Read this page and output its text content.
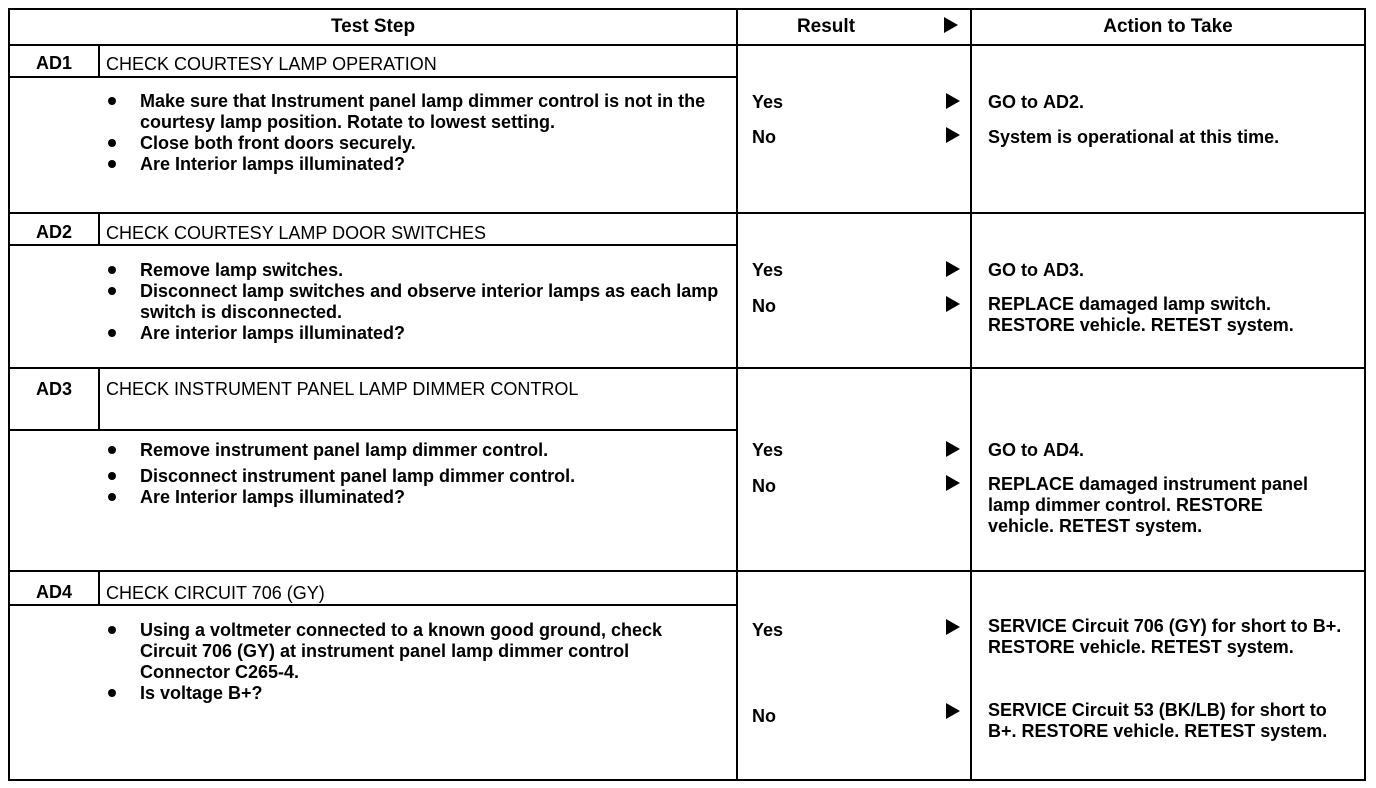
Test Step	Result	Action to Take
AD1	CHECK COURTESY LAMP OPERATION
Make sure that Instrument panel lamp dimmer control is not in the courtesy lamp position. Rotate to lowest setting.
Close both front doors securely.
Are Interior lamps illuminated?
Yes	GO to AD2.
No	System is operational at this time.
AD2	CHECK COURTESY LAMP DOOR SWITCHES
Remove lamp switches.
Disconnect lamp switches and observe interior lamps as each lamp switch is disconnected.
Are interior lamps illuminated?
Yes	GO to AD3.
No	REPLACE damaged lamp switch. RESTORE vehicle. RETEST system.
AD3	CHECK INSTRUMENT PANEL LAMP DIMMER CONTROL
Remove instrument panel lamp dimmer control.
Disconnect instrument panel lamp dimmer control.
Are Interior lamps illuminated?
Yes	GO to AD4.
No	REPLACE damaged instrument panel lamp dimmer control. RESTORE vehicle. RETEST system.
AD4	CHECK CIRCUIT 706 (GY)
Using a voltmeter connected to a known good ground, check Circuit 706 (GY) at instrument panel lamp dimmer control Connector C265-4.
Is voltage B+?
Yes	SERVICE Circuit 706 (GY) for short to B+. RESTORE vehicle. RETEST system.
No	SERVICE Circuit 53 (BK/LB) for short to B+. RESTORE vehicle. RETEST system.
